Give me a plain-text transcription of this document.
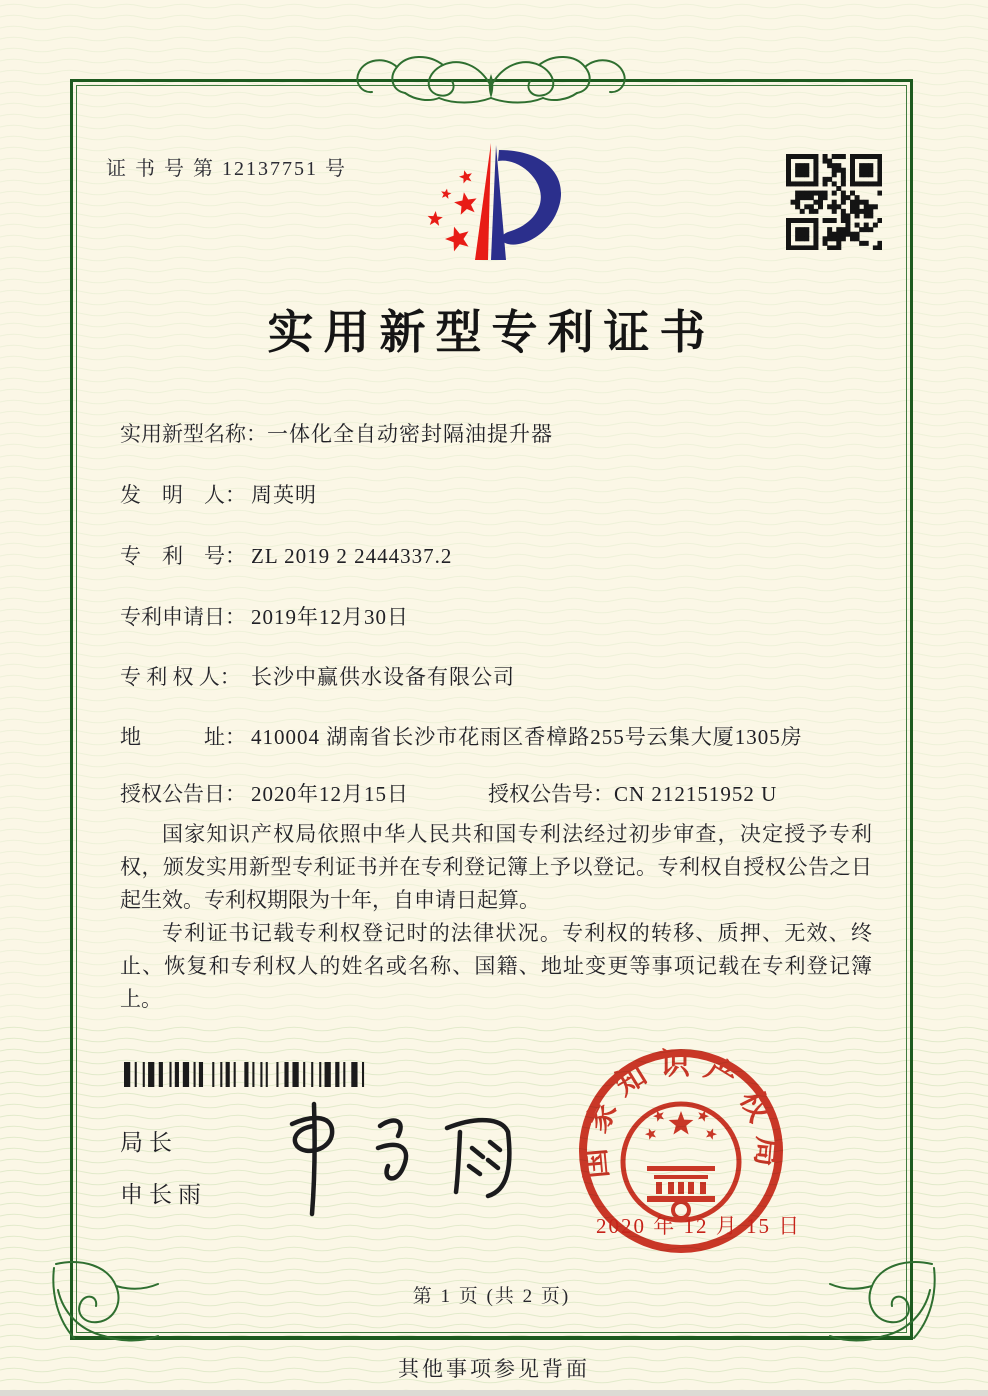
证 书 号 第 12137751 号
实用新型专利证书
实用新型名称：一体化全自动密封隔油提升器
发　明　人： 周英明
专　利　号： ZL 2019 2 2444337.2
专利申请日： 2019年12月30日
专 利 权 人： 长沙中赢供水设备有限公司
地　　　址： 410004 湖南省长沙市花雨区香樟路255号云集大厦1305房
授权公告日： 2020年12月15日	授权公告号：CN 212151952 U

国家知识产权局依照中华人民共和国专利法经过初步审查，决定授予专利权，颁发实用新型专利证书并在专利登记簿上予以登记。专利权自授权公告之日起生效。专利权期限为十年，自申请日起算。

专利证书记载专利权登记时的法律状况。专利权的转移、质押、无效、终止、恢复和专利权人的姓名或名称、国籍、地址变更等事项记载在专利登记簿上。

局长
申长雨
国家知识产权局
2020 年 12 月 15 日
第 1 页 (共 2 页)
其他事项参见背面
